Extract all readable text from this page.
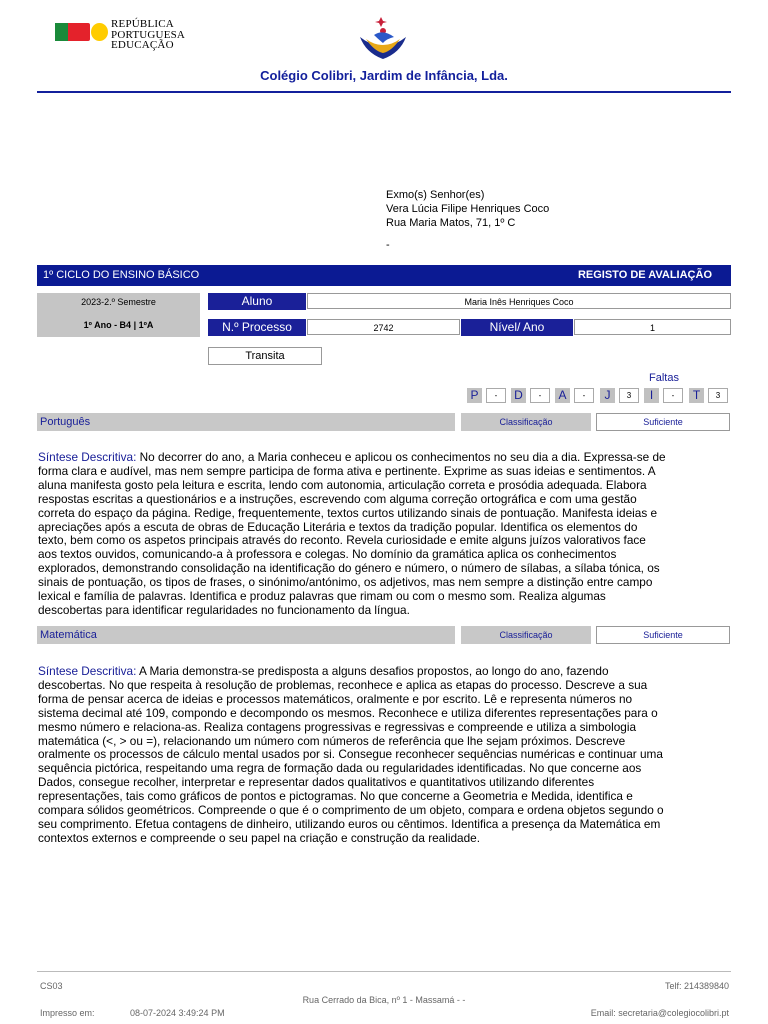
REPÚBLICA
PORTUGUESA
EDUCAÇÃO
Colégio Colibri, Jardim de Infância, Lda.
Exmo(s) Senhor(es)
Vera Lúcia Filipe Henriques Coco
Rua Maria Matos, 71, 1º C
-
1º CICLO DO ENSINO BÁSICO	REGISTO DE AVALIAÇÃO
2023-2.º Semestre
1º Ano - B4 | 1ºA
Aluno	Maria Inês Henriques Coco
N.º Processo	2742	Nível/ Ano	1
Transita
Faltas
P	-	D	-	A	-	J	3	I	-	T	3
Português	Classificação	Suficiente
Síntese Descritiva: No decorrer do ano, a Maria conheceu e aplicou os conhecimentos no seu dia a dia. Expressa-se de
forma clara e audível, mas nem sempre participa de forma ativa e pertinente. Exprime as suas ideias e sentimentos. A
aluna manifesta gosto pela leitura e escrita, lendo com autonomia, articulação correta e prosódia adequada. Elabora
respostas escritas a questionários e a instruções, escrevendo com alguma correção ortográfica e com uma gestão
correta do espaço da página. Redige, frequentemente, textos curtos utilizando sinais de pontuação. Manifesta ideias e
apreciações após a escuta de obras de Educação Literária e textos da tradição popular. Identifica os elementos do
texto, bem como os aspetos principais através do reconto. Revela curiosidade e emite alguns juízos valorativos face
aos textos ouvidos, comunicando-a à professora e colegas. No domínio da gramática aplica os conhecimentos
explorados, demonstrando consolidação na identificação do género e número, o número de sílabas, a sílaba tónica, os
sinais de pontuação, os tipos de frases, o sinónimo/antónimo, os adjetivos, mas nem sempre a distinção entre campo
lexical e família de palavras. Identifica e produz palavras que rimam ou com o mesmo som. Realiza algumas
descobertas para identificar regularidades no funcionamento da língua.
Matemática	Classificação	Suficiente
Síntese Descritiva: A Maria demonstra-se predisposta a alguns desafios propostos, ao longo do ano, fazendo
descobertas. No que respeita à resolução de problemas, reconhece e aplica as etapas do processo. Descreve a sua
forma de pensar acerca de ideias e processos matemáticos, oralmente e por escrito. Lê e representa números no
sistema decimal até 109, compondo e decompondo os mesmos. Reconhece e utiliza diferentes representações para o
mesmo número e relaciona-as. Realiza contagens progressivas e regressivas e compreende e utiliza a simbologia
matemática (<, > ou =), relacionando um número com números de referência que lhe sejam próximos. Descreve
oralmente os processos de cálculo mental usados por si. Consegue reconhecer sequências numéricas e continuar uma
sequência pictórica, respeitando uma regra de formação dada ou regularidades identificadas. No que concerne aos
Dados, consegue recolher, interpretar e representar dados qualitativos e quantitativos utilizando diferentes
representações, tais como gráficos de pontos e pictogramas. No que concerne a Geometria e Medida, identifica e
compara sólidos geométricos. Compreende o que é o comprimento de um objeto, compara e ordena objetos segundo o
seu comprimento. Efetua contagens de dinheiro, utilizando euros ou cêntimos. Identifica a presença da Matemática em
contextos externos e compreende o seu papel na criação e construção da realidade.
CS03	Telf: 214389840
Rua Cerrado da Bica, nº 1 - Massamá - -
Impresso em:	08-07-2024 3:49:24 PM	Email: secretaria@colegiocolibri.pt
